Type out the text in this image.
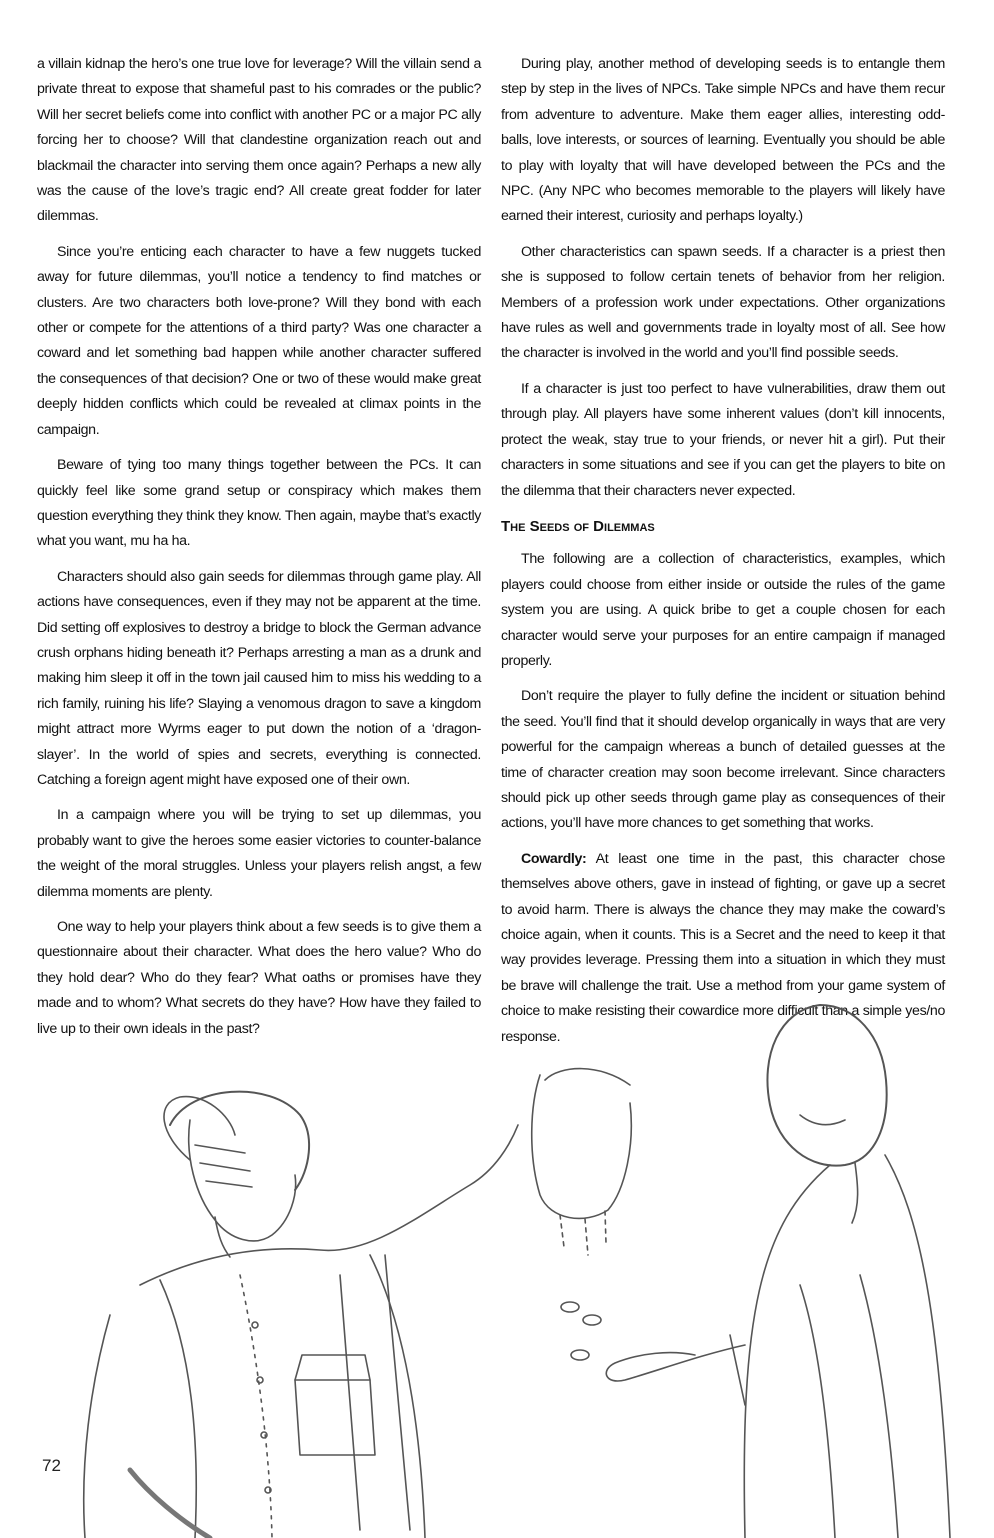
a villain kidnap the hero’s one true love for leverage? Will the villain send a private threat to expose that shameful past to his comrades or the public? Will her secret beliefs come into conflict with another PC or a major PC ally forcing her to choose? Will that clandestine organization reach out and blackmail the character into serving them once again? Perhaps a new ally was the cause of the love’s tragic end? All create great fodder for later dilemmas.

Since you’re enticing each character to have a few nuggets tucked away for future dilemmas, you’ll notice a tendency to find matches or clusters. Are two characters both love-prone? Will they bond with each other or compete for the attentions of a third party? Was one character a coward and let something bad happen while another character suffered the consequences of that decision? One or two of these would make great deeply hidden conflicts which could be revealed at climax points in the campaign.

Beware of tying too many things together between the PCs. It can quickly feel like some grand setup or conspiracy which makes them question everything they think they know. Then again, maybe that’s exactly what you want, mu ha ha.

Characters should also gain seeds for dilemmas through game play. All actions have consequences, even if they may not be apparent at the time. Did setting off explosives to destroy a bridge to block the German advance crush orphans hiding beneath it? Perhaps arresting a man as a drunk and making him sleep it off in the town jail caused him to miss his wedding to a rich family, ruining his life? Slaying a venomous dragon to save a kingdom might attract more Wyrms eager to put down the notion of a ‘dragon-slayer’. In the world of spies and secrets, everything is connected. Catching a foreign agent might have exposed one of their own.

In a campaign where you will be trying to set up dilemmas, you probably want to give the heroes some easier victories to counter-balance the weight of the moral struggles. Unless your players relish angst, a few dilemma moments are plenty.

One way to help your players think about a few seeds is to give them a questionnaire about their character. What does the hero value? Who do they hold dear? Who do they fear? What oaths or promises have they made and to whom? What secrets do they have? How have they failed to live up to their own ideals in the past?

During play, another method of developing seeds is to entangle them step by step in the lives of NPCs. Take simple NPCs and have them recur from adventure to adventure. Make them eager allies, interesting odd-balls, love interests, or sources of learning. Eventually you should be able to play with loyalty that will have developed between the PCs and the NPC. (Any NPC who becomes memorable to the players will likely have earned their interest, curiosity and perhaps loyalty.)

Other characteristics can spawn seeds. If a character is a priest then she is supposed to follow certain tenets of behavior from her religion. Members of a profession work under expectations. Other organizations have rules as well and governments trade in loyalty most of all. See how the character is involved in the world and you’ll find possible seeds.

If a character is just too perfect to have vulnerabilities, draw them out through play. All players have some inherent values (don’t kill innocents, protect the weak, stay true to your friends, or never hit a girl). Put their characters in some situations and see if you can get the players to bite on the dilemma that their characters never expected.

The Seeds of Dilemmas

The following are a collection of characteristics, examples, which players could choose from either inside or outside the rules of the game system you are using. A quick bribe to get a couple chosen for each character would serve your purposes for an entire campaign if managed properly.

Don’t require the player to fully define the incident or situation behind the seed. You’ll find that it should develop organically in ways that are very powerful for the campaign whereas a bunch of detailed guesses at the time of character creation may soon become irrelevant. Since characters should pick up other seeds through game play as consequences of their actions, you’ll have more chances to get something that works.

Cowardly: At least one time in the past, this character chose themselves above others, gave in instead of fighting, or gave up a secret to avoid harm. There is always the chance they may make the coward’s choice again, when it counts. This is a Secret and the need to keep it that way provides leverage. Pressing them into a situation in which they must be brave will challenge the trait. Use a method from your game system of choice to make resisting their cowardice more difficult than a simple yes/no response.

72
